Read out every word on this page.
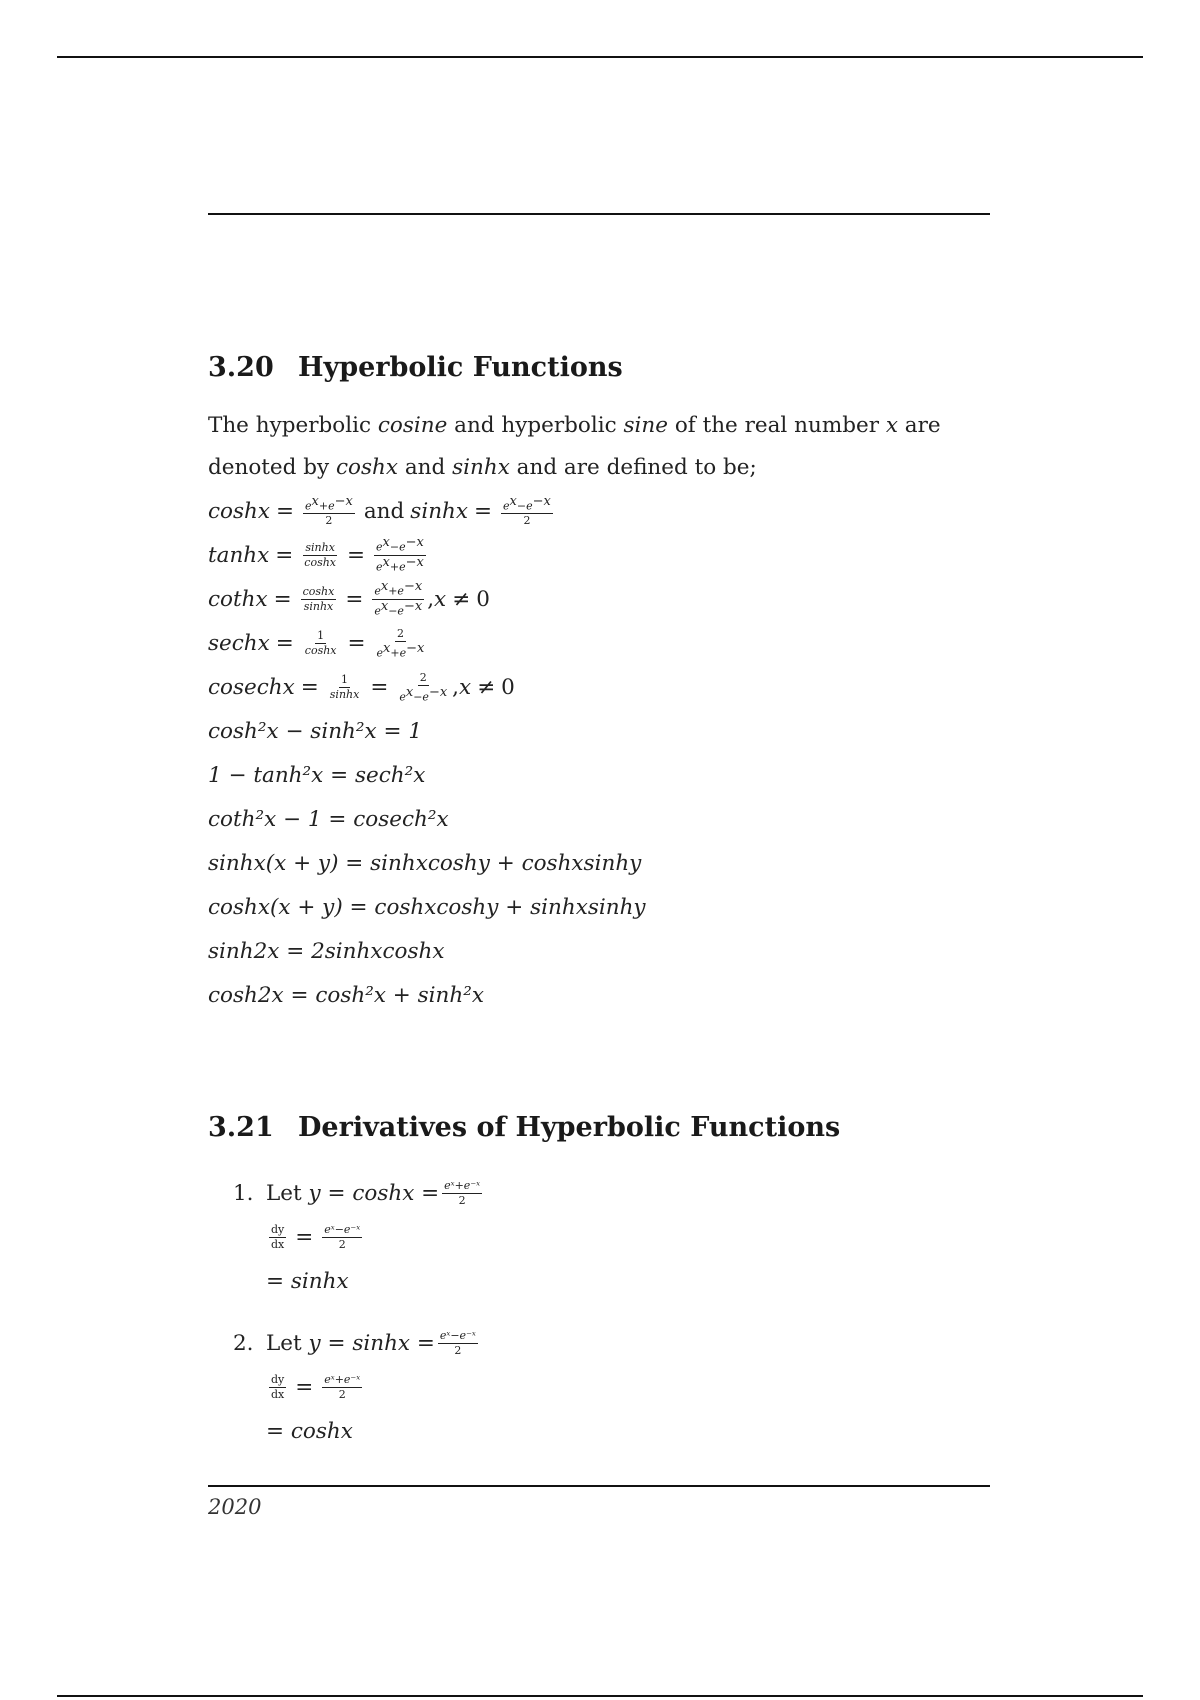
3.20 Hyperbolic Functions

The hyperbolic cosine and hyperbolic sine of the real number x are denoted by coshx and sinhx and are defined to be;

$\cosh x = \frac{e^x+e^{-x}}{2}$ and $\sinh x = \frac{e^x-e^{-x}}{2}$
$\tanh x = \frac{\sinh x}{\cosh x} = \frac{e^x-e^{-x}}{e^x+e^{-x}}$
cothx = $\frac{\cosh x}{\sinh x} = \frac{e^x+e^{-x}}{e^x-e^{-x}}$ , x ≠ 0
sechx = $\frac{1}{\cosh x} = \frac{2}{e^x+e^{-x}}$
cosechx = $\frac{1}{\sinh x} = \frac{2}{e^x-e^{-x}}$ , x ≠ 0
cosh²x − sinh²x = 1
1 − tanh²x = sech²x
coth²x − 1 = cosech²x
sinhx(x + y) = sinhxcoshy + coshxsinhy
coshx(x + y) = coshxcoshy + sinhxsinhy
sinh2x = 2sinhxcoshx
cosh2x = cosh²x + sinh²x
3.21 Derivatives of Hyperbolic Functions
1. Let
$y = \cosh x = \frac{\text{eˣ+e⁻ˣ}}{2}$
$\frac{dy}{dx} = \frac{\text{eˣ−e⁻ˣ}}{2}$
= sinhx
2. Let
$y = \sinh x = \frac{\text{eˣ−e⁻ˣ}}{2}$
$\frac{dy}{dx} = \frac{\text{eˣ+e⁻ˣ}}{2}$
= coshx
2020
